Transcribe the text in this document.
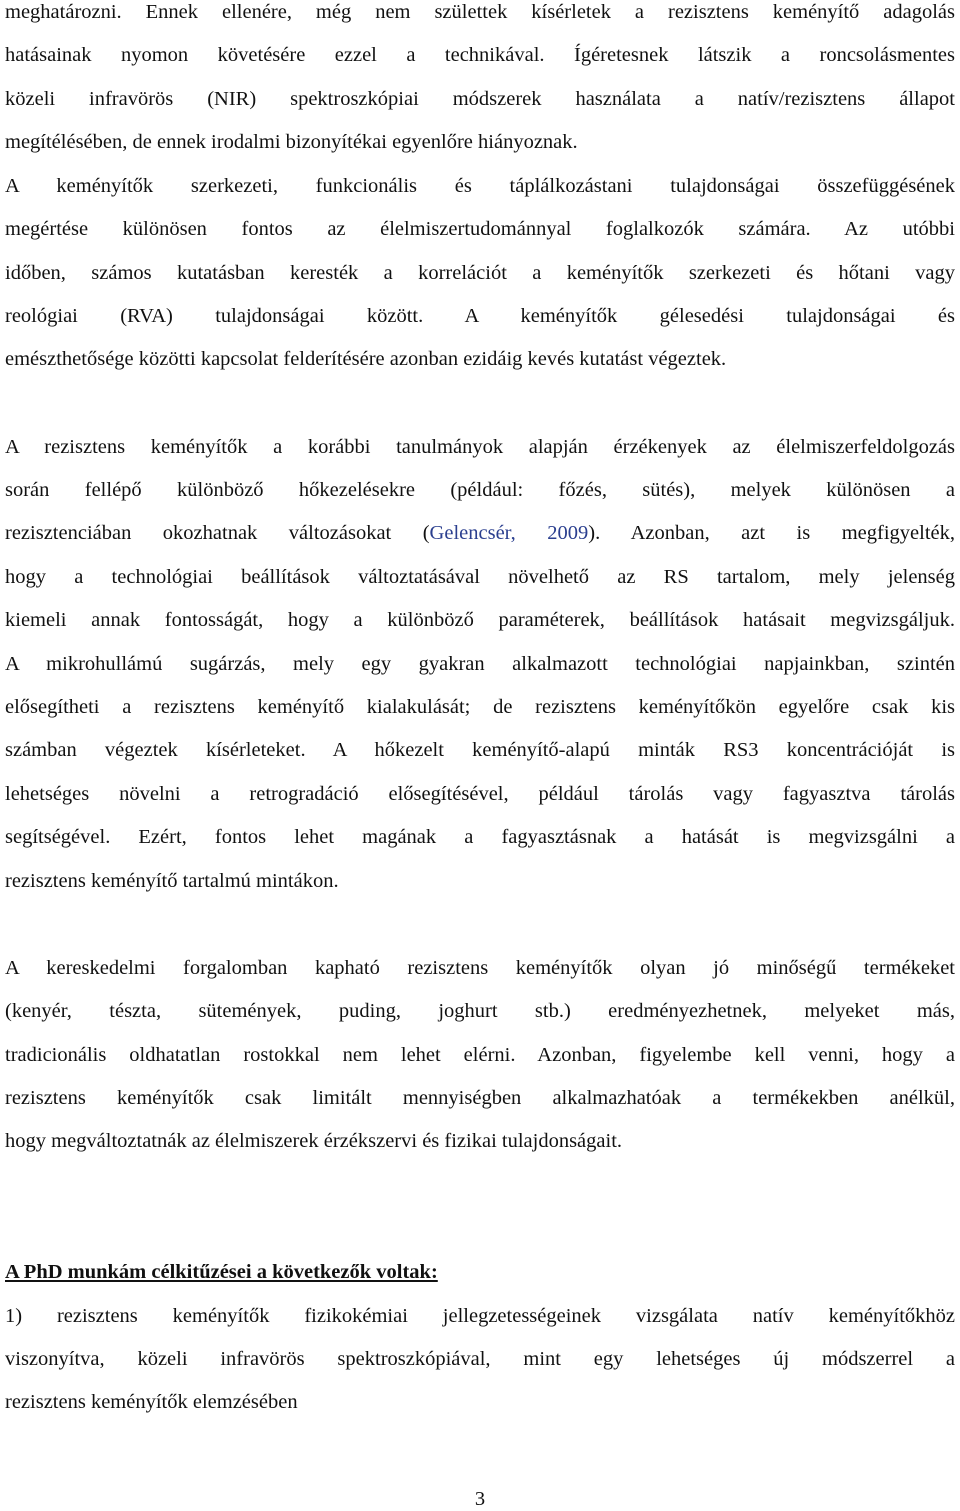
meghatározni. Ennek ellenére, még nem születtek kísérletek a rezisztens keményítő adagolás
hatásainak nyomon követésére ezzel a technikával. Ígéretesnek látszik a roncsolásmentes
közeli infravörös (NIR) spektroszkópiai módszerek használata a natív/rezisztens állapot
megítélésében, de ennek irodalmi bizonyítékai egyenlőre hiányoznak.
A keményítők szerkezeti, funkcionális és táplálkozástani tulajdonságai összefüggésének
megértése különösen fontos az élelmiszertudománnyal foglalkozók számára. Az utóbbi
időben, számos kutatásban keresték a korrelációt a keményítők szerkezeti és hőtani vagy
reológiai (RVA) tulajdonságai között. A keményítők gélesedési tulajdonságai és
emészthetősége közötti kapcsolat felderítésére azonban ezidáig kevés kutatást végeztek.
A rezisztens keményítők a korábbi tanulmányok alapján érzékenyek az élelmiszerfeldolgozás
során fellépő különböző hőkezelésekre (például: főzés, sütés), melyek különösen a
rezisztenciában okozhatnak változásokat (Gelencsér, 2009). Azonban, azt is megfigyelték,
hogy a technológiai beállítások változtatásával növelhető az RS tartalom, mely jelenség
kiemeli annak fontosságát, hogy a különböző paraméterek, beállítások hatásait megvizsgáljuk.
A mikrohullámú sugárzás, mely egy gyakran alkalmazott technológiai napjainkban, szintén
elősegítheti a rezisztens keményítő kialakulását; de rezisztens keményítőkön egyelőre csak kis
számban végeztek kísérleteket. A hőkezelt keményítő-alapú minták RS3 koncentrációját is
lehetséges növelni a retrogradáció elősegítésével, például tárolás vagy fagyasztva tárolás
segítségével. Ezért, fontos lehet magának a fagyasztásnak a hatását is megvizsgálni a
rezisztens keményítő tartalmú mintákon.
A kereskedelmi forgalomban kapható rezisztens keményítők olyan jó minőségű termékeket
(kenyér, tészta, sütemények, puding, joghurt stb.) eredményezhetnek, melyeket más,
tradicionális oldhatatlan rostokkal nem lehet elérni. Azonban, figyelembe kell venni, hogy a
rezisztens keményítők csak limitált mennyiségben alkalmazhatóak a termékekben anélkül,
hogy megváltoztatnák az élelmiszerek érzékszervi és fizikai tulajdonságait.
A PhD munkám célkitűzései a következők voltak:
1) rezisztens keményítők fizikokémiai jellegzetességeinek vizsgálata natív keményítőkhöz
viszonyítva, közeli infravörös spektroszkópiával, mint egy lehetséges új módszerrel a
rezisztens keményítők elemzésében
3
